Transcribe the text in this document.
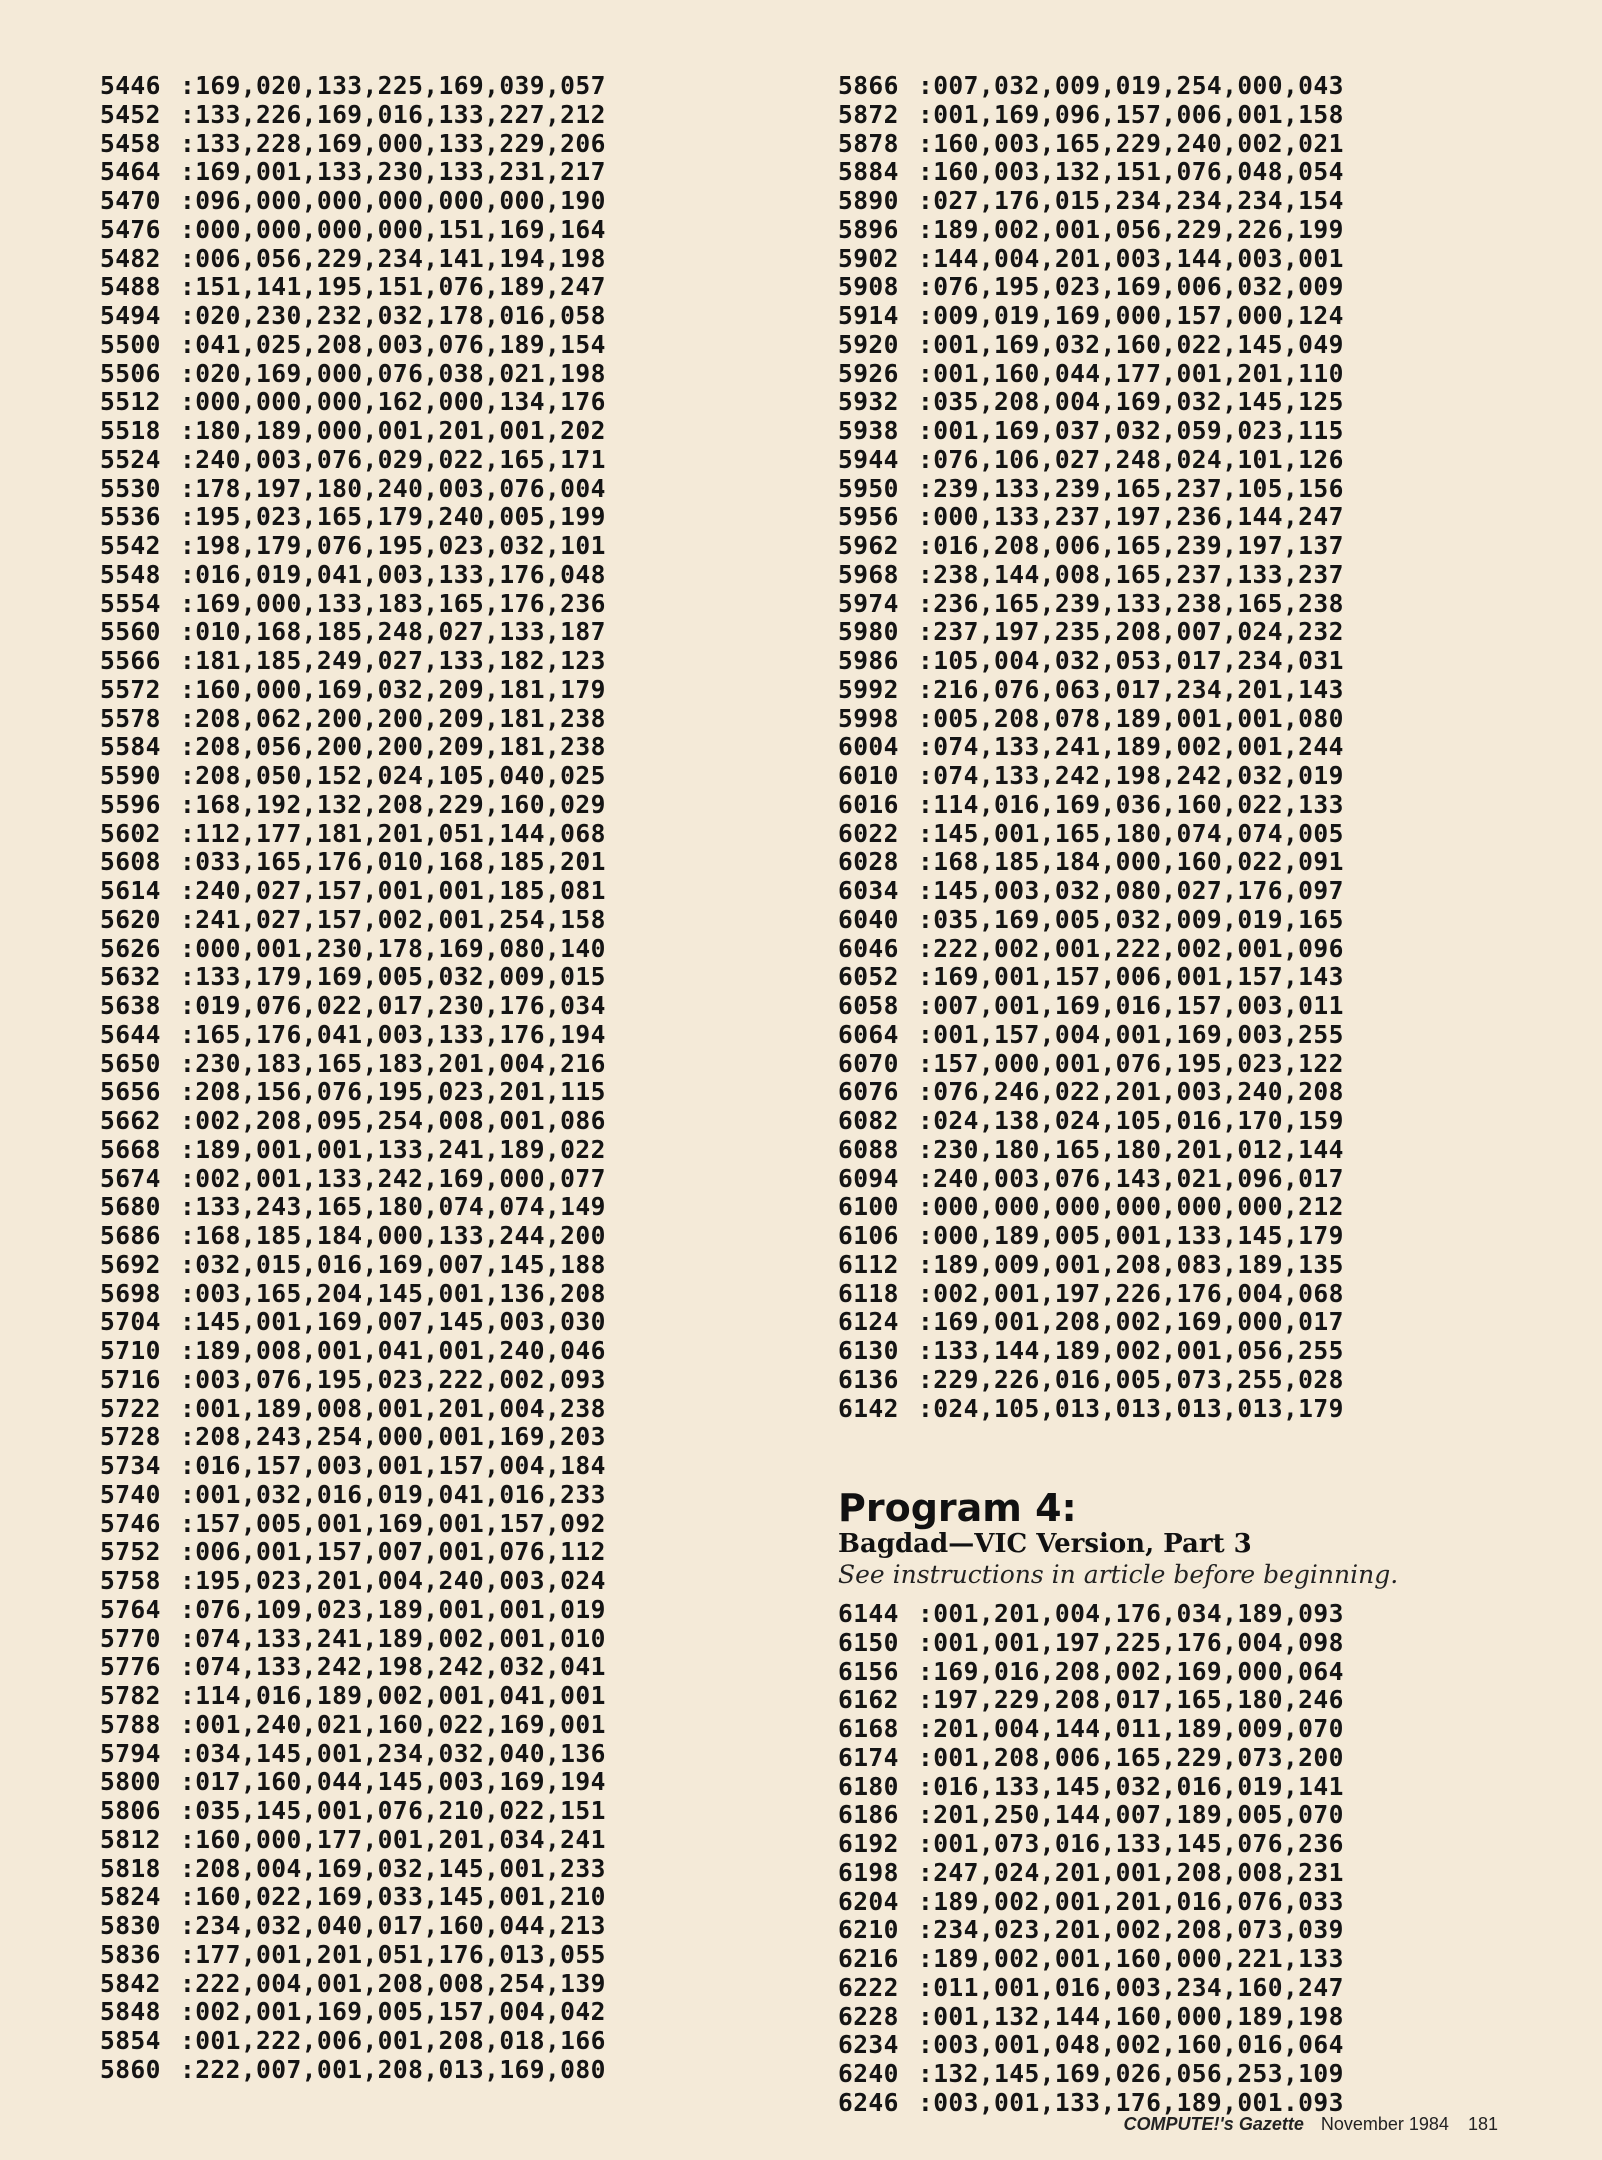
5446 :169,020,133,225,169,039,057
5452 :133,226,169,016,133,227,212
5458 :133,228,169,000,133,229,206
5464 :169,001,133,230,133,231,217
5470 :096,000,000,000,000,000,190
5476 :000,000,000,000,151,169,164
5482 :006,056,229,234,141,194,198
5488 :151,141,195,151,076,189,247
5494 :020,230,232,032,178,016,058
5500 :041,025,208,003,076,189,154
5506 :020,169,000,076,038,021,198
5512 :000,000,000,162,000,134,176
5518 :180,189,000,001,201,001,202
5524 :240,003,076,029,022,165,171
5530 :178,197,180,240,003,076,004
5536 :195,023,165,179,240,005,199
5542 :198,179,076,195,023,032,101
5548 :016,019,041,003,133,176,048
5554 :169,000,133,183,165,176,236
5560 :010,168,185,248,027,133,187
5566 :181,185,249,027,133,182,123
5572 :160,000,169,032,209,181,179
5578 :208,062,200,200,209,181,238
5584 :208,056,200,200,209,181,238
5590 :208,050,152,024,105,040,025
5596 :168,192,132,208,229,160,029
5602 :112,177,181,201,051,144,068
5608 :033,165,176,010,168,185,201
5614 :240,027,157,001,001,185,081
5620 :241,027,157,002,001,254,158
5626 :000,001,230,178,169,080,140
5632 :133,179,169,005,032,009,015
5638 :019,076,022,017,230,176,034
5644 :165,176,041,003,133,176,194
5650 :230,183,165,183,201,004,216
5656 :208,156,076,195,023,201,115
5662 :002,208,095,254,008,001,086
5668 :189,001,001,133,241,189,022
5674 :002,001,133,242,169,000,077
5680 :133,243,165,180,074,074,149
5686 :168,185,184,000,133,244,200
5692 :032,015,016,169,007,145,188
5698 :003,165,204,145,001,136,208
5704 :145,001,169,007,145,003,030
5710 :189,008,001,041,001,240,046
5716 :003,076,195,023,222,002,093
5722 :001,189,008,001,201,004,238
5728 :208,243,254,000,001,169,203
5734 :016,157,003,001,157,004,184
5740 :001,032,016,019,041,016,233
5746 :157,005,001,169,001,157,092
5752 :006,001,157,007,001,076,112
5758 :195,023,201,004,240,003,024
5764 :076,109,023,189,001,001,019
5770 :074,133,241,189,002,001,010
5776 :074,133,242,198,242,032,041
5782 :114,016,189,002,001,041,001
5788 :001,240,021,160,022,169,001
5794 :034,145,001,234,032,040,136
5800 :017,160,044,145,003,169,194
5806 :035,145,001,076,210,022,151
5812 :160,000,177,001,201,034,241
5818 :208,004,169,032,145,001,233
5824 :160,022,169,033,145,001,210
5830 :234,032,040,017,160,044,213
5836 :177,001,201,051,176,013,055
5842 :222,004,001,208,008,254,139
5848 :002,001,169,005,157,004,042
5854 :001,222,006,001,208,018,166
5860 :222,007,001,208,013,169,080
5866 :007,032,009,019,254,000,043
5872 :001,169,096,157,006,001,158
5878 :160,003,165,229,240,002,021
5884 :160,003,132,151,076,048,054
5890 :027,176,015,234,234,234,154
5896 :189,002,001,056,229,226,199
5902 :144,004,201,003,144,003,001
5908 :076,195,023,169,006,032,009
5914 :009,019,169,000,157,000,124
5920 :001,169,032,160,022,145,049
5926 :001,160,044,177,001,201,110
5932 :035,208,004,169,032,145,125
5938 :001,169,037,032,059,023,115
5944 :076,106,027,248,024,101,126
5950 :239,133,239,165,237,105,156
5956 :000,133,237,197,236,144,247
5962 :016,208,006,165,239,197,137
5968 :238,144,008,165,237,133,237
5974 :236,165,239,133,238,165,238
5980 :237,197,235,208,007,024,232
5986 :105,004,032,053,017,234,031
5992 :216,076,063,017,234,201,143
5998 :005,208,078,189,001,001,080
6004 :074,133,241,189,002,001,244
6010 :074,133,242,198,242,032,019
6016 :114,016,169,036,160,022,133
6022 :145,001,165,180,074,074,005
6028 :168,185,184,000,160,022,091
6034 :145,003,032,080,027,176,097
6040 :035,169,005,032,009,019,165
6046 :222,002,001,222,002,001,096
6052 :169,001,157,006,001,157,143
6058 :007,001,169,016,157,003,011
6064 :001,157,004,001,169,003,255
6070 :157,000,001,076,195,023,122
6076 :076,246,022,201,003,240,208
6082 :024,138,024,105,016,170,159
6088 :230,180,165,180,201,012,144
6094 :240,003,076,143,021,096,017
6100 :000,000,000,000,000,000,212
6106 :000,189,005,001,133,145,179
6112 :189,009,001,208,083,189,135
6118 :002,001,197,226,176,004,068
6124 :169,001,208,002,169,000,017
6130 :133,144,189,002,001,056,255
6136 :229,226,016,005,073,255,028
6142 :024,105,013,013,013,013,179
Program 4:
Bagdad—VIC Version, Part 3
See instructions in article before beginning.
6144 :001,201,004,176,034,189,093
6150 :001,001,197,225,176,004,098
6156 :169,016,208,002,169,000,064
6162 :197,229,208,017,165,180,246
6168 :201,004,144,011,189,009,070
6174 :001,208,006,165,229,073,200
6180 :016,133,145,032,016,019,141
6186 :201,250,144,007,189,005,070
6192 :001,073,016,133,145,076,236
6198 :247,024,201,001,208,008,231
6204 :189,002,001,201,016,076,033
6210 :234,023,201,002,208,073,039
6216 :189,002,001,160,000,221,133
6222 :011,001,016,003,234,160,247
6228 :001,132,144,160,000,189,198
6234 :003,001,048,002,160,016,064
6240 :132,145,169,026,056,253,109
6246 :003,001,133,176,189,001.093
COMPUTE!'s Gazette November 1984 181
